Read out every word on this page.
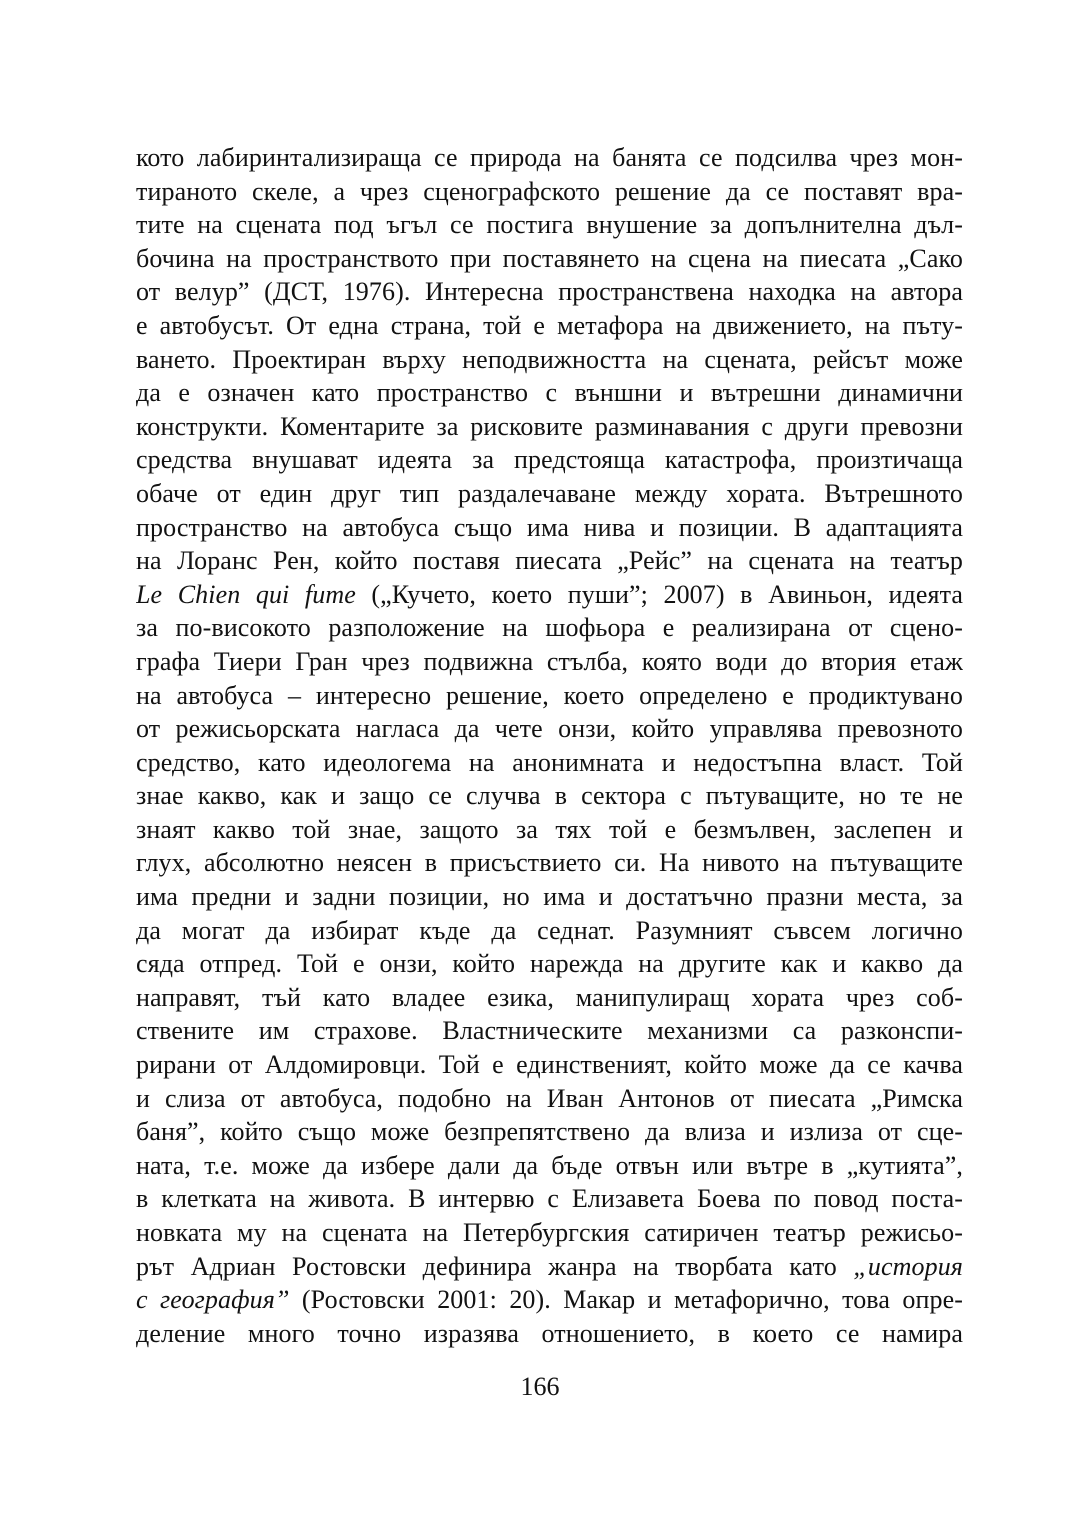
кото лабиринтализираща се природа на банята се подсилва чрез мон-
тираното скеле, а чрез сценографското решение да се поставят вра-
тите на сцената под ъгъл се постига внушение за допълнителна дъл-
бочина на пространството при поставянето на сцена на пиесата „Сако
от велур” (ДСТ, 1976). Интересна пространствена находка на автора
е автобусът. От една страна, той е метафора на движението, на пъту-
ването. Проектиран върху неподвижността на сцената, рейсът може
да е означен като пространство с външни и вътрешни динамични
конструкти. Коментарите за рисковите разминавания с други превозни
средства внушават идеята за предстояща катастрофа, произтичаща
обаче от един друг тип раздалечаване между хората. Вътрешното
пространство на автобуса също има нива и позиции. В адаптацията
на Лоранс Рен, който поставя пиесата „Рейс” на сцената на театър
Le Chien qui fume („Кучето, което пуши”; 2007) в Авиньон, идеята
за по-високото разположение на шофьора е реализирана от сцено-
графа Тиери Гран чрез подвижна стълба, която води до втория етаж
на автобуса – интересно решение, което определено е продиктувано
от режисьорската нагласа да чете онзи, който управлява превозното
средство, като идеологема на анонимната и недостъпна власт. Той
знае какво, как и защо се случва в сектора с пътуващите, но те не
знаят какво той знае, защото за тях той е безмълвен, заслепен и
глух, абсолютно неясен в присъствието си. На нивото на пътуващите
има предни и задни позиции, но има и достатъчно празни места, за
да могат да избират къде да седнат. Разумният съвсем логично
сяда отпред. Той е онзи, който нарежда на другите как и какво да
направят, тъй като владее езика, манипулиращ хората чрез соб-
ствените им страхове. Властническите механизми са разконспи-
рирани от Алдомировци. Той е единственият, който може да се качва
и слиза от автобуса, подобно на Иван Антонов от пиесата „Римска
баня”, който също може безпрепятствено да влиза и излиза от сце-
ната, т.е. може да избере дали да бъде отвън или вътре в „кутията”,
в клетката на живота. В интервю с Елизавета Боева по повод поста-
новката му на сцената на Петербургския сатиричен театър режисьо-
рът Адриан Ростовски дефинира жанра на творбата като „история
с география” (Ростовски 2001: 20). Макар и метафорично, това опре-
деление много точно изразява отношението, в което се намира
166
